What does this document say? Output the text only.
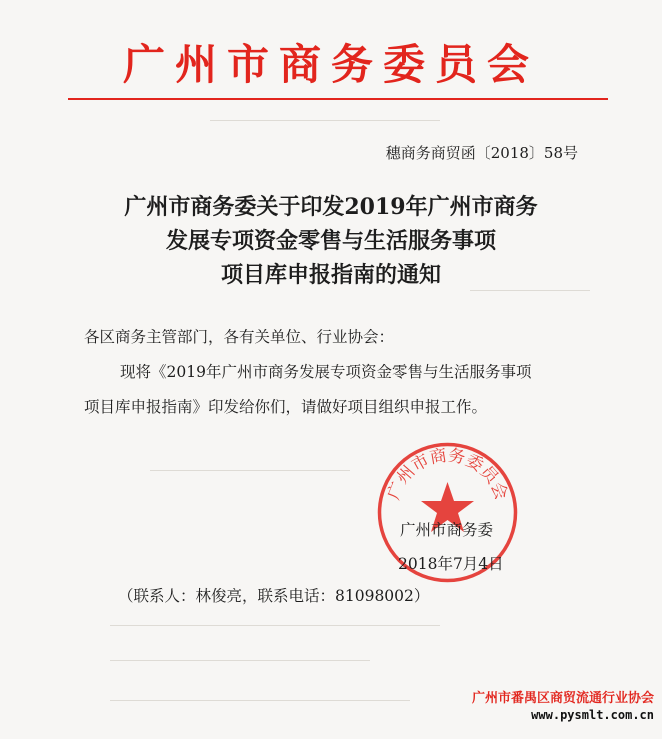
广州市商务委员会
穗商务商贸函〔2018〕58号
广州市商务委关于印发2019年广州市商务
发展专项资金零售与生活服务事项
项目库申报指南的通知
各区商务主管部门，各有关单位、行业协会：
现将《2019年广州市商务发展专项资金零售与生活服务事项
项目库申报指南》印发给你们，请做好项目组织申报工作。
广州市商务委员会
广州市商务委
2018年7月4日
（联系人：林俊亮，联系电话：81098002）
广州市番禺区商贸流通行业协会
www.pysmlt.com.cn
